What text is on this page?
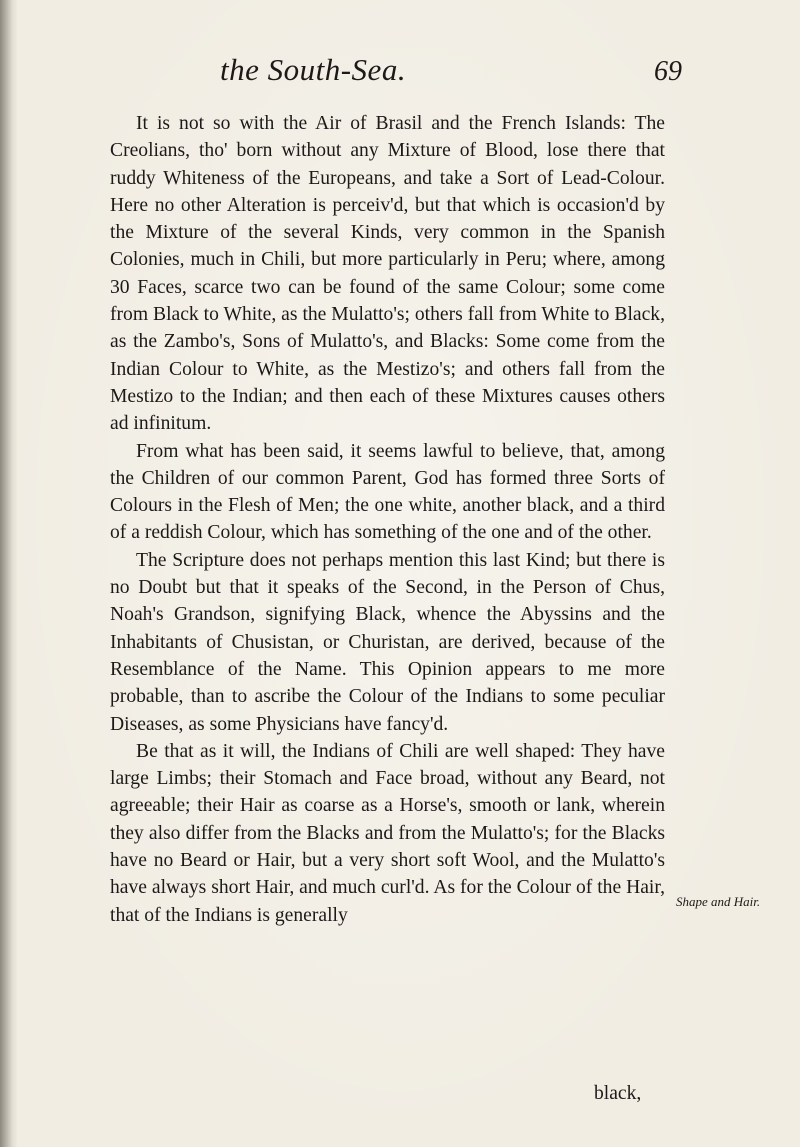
the South-Sea.	69

It is not so with the Air of Brasil and the French Islands: The Creolians, tho' born without any Mixture of Blood, lose there that ruddy Whiteness of the Europeans, and take a Sort of Lead-Colour. Here no other Alteration is perceiv'd, but that which is occasion'd by the Mixture of the several Kinds, very common in the Spanish Colonies, much in Chili, but more particularly in Peru; where, among 30 Faces, scarce two can be found of the same Colour; some come from Black to White, as the Mulatto's; others fall from White to Black, as the Zambo's, Sons of Mulatto's, and Blacks: Some come from the Indian Colour to White, as the Mestizo's; and others fall from the Mestizo to the Indian; and then each of these Mixtures causes others ad infinitum.

From what has been said, it seems lawful to believe, that, among the Children of our common Parent, God has formed three Sorts of Colours in the Flesh of Men; the one white, another black, and a third of a reddish Colour, which has something of the one and of the other.

The Scripture does not perhaps mention this last Kind; but there is no Doubt but that it speaks of the Second, in the Person of Chus, Noah's Grandson, signifying Black, whence the Abyssins and the Inhabitants of Chusistan, or Churistan, are derived, because of the Resemblance of the Name. This Opinion appears to me more probable, than to ascribe the Colour of the Indians to some peculiar Diseases, as some Physicians have fancy'd.

Be that as it will, the Indians of Chili are well shaped: They have large Limbs; their Stomach and Face broad, without any Beard, not agreeable; their Hair as coarse as a Horse's, smooth or lank, wherein they also differ from the Blacks and from the Mulatto's; for the Blacks have no Beard or Hair, but a very short soft Wool, and the Mulatto's have always short Hair, and much curl'd. As for the Colour of the Hair, that of the Indians is generally

Shape and Hair.
black,
